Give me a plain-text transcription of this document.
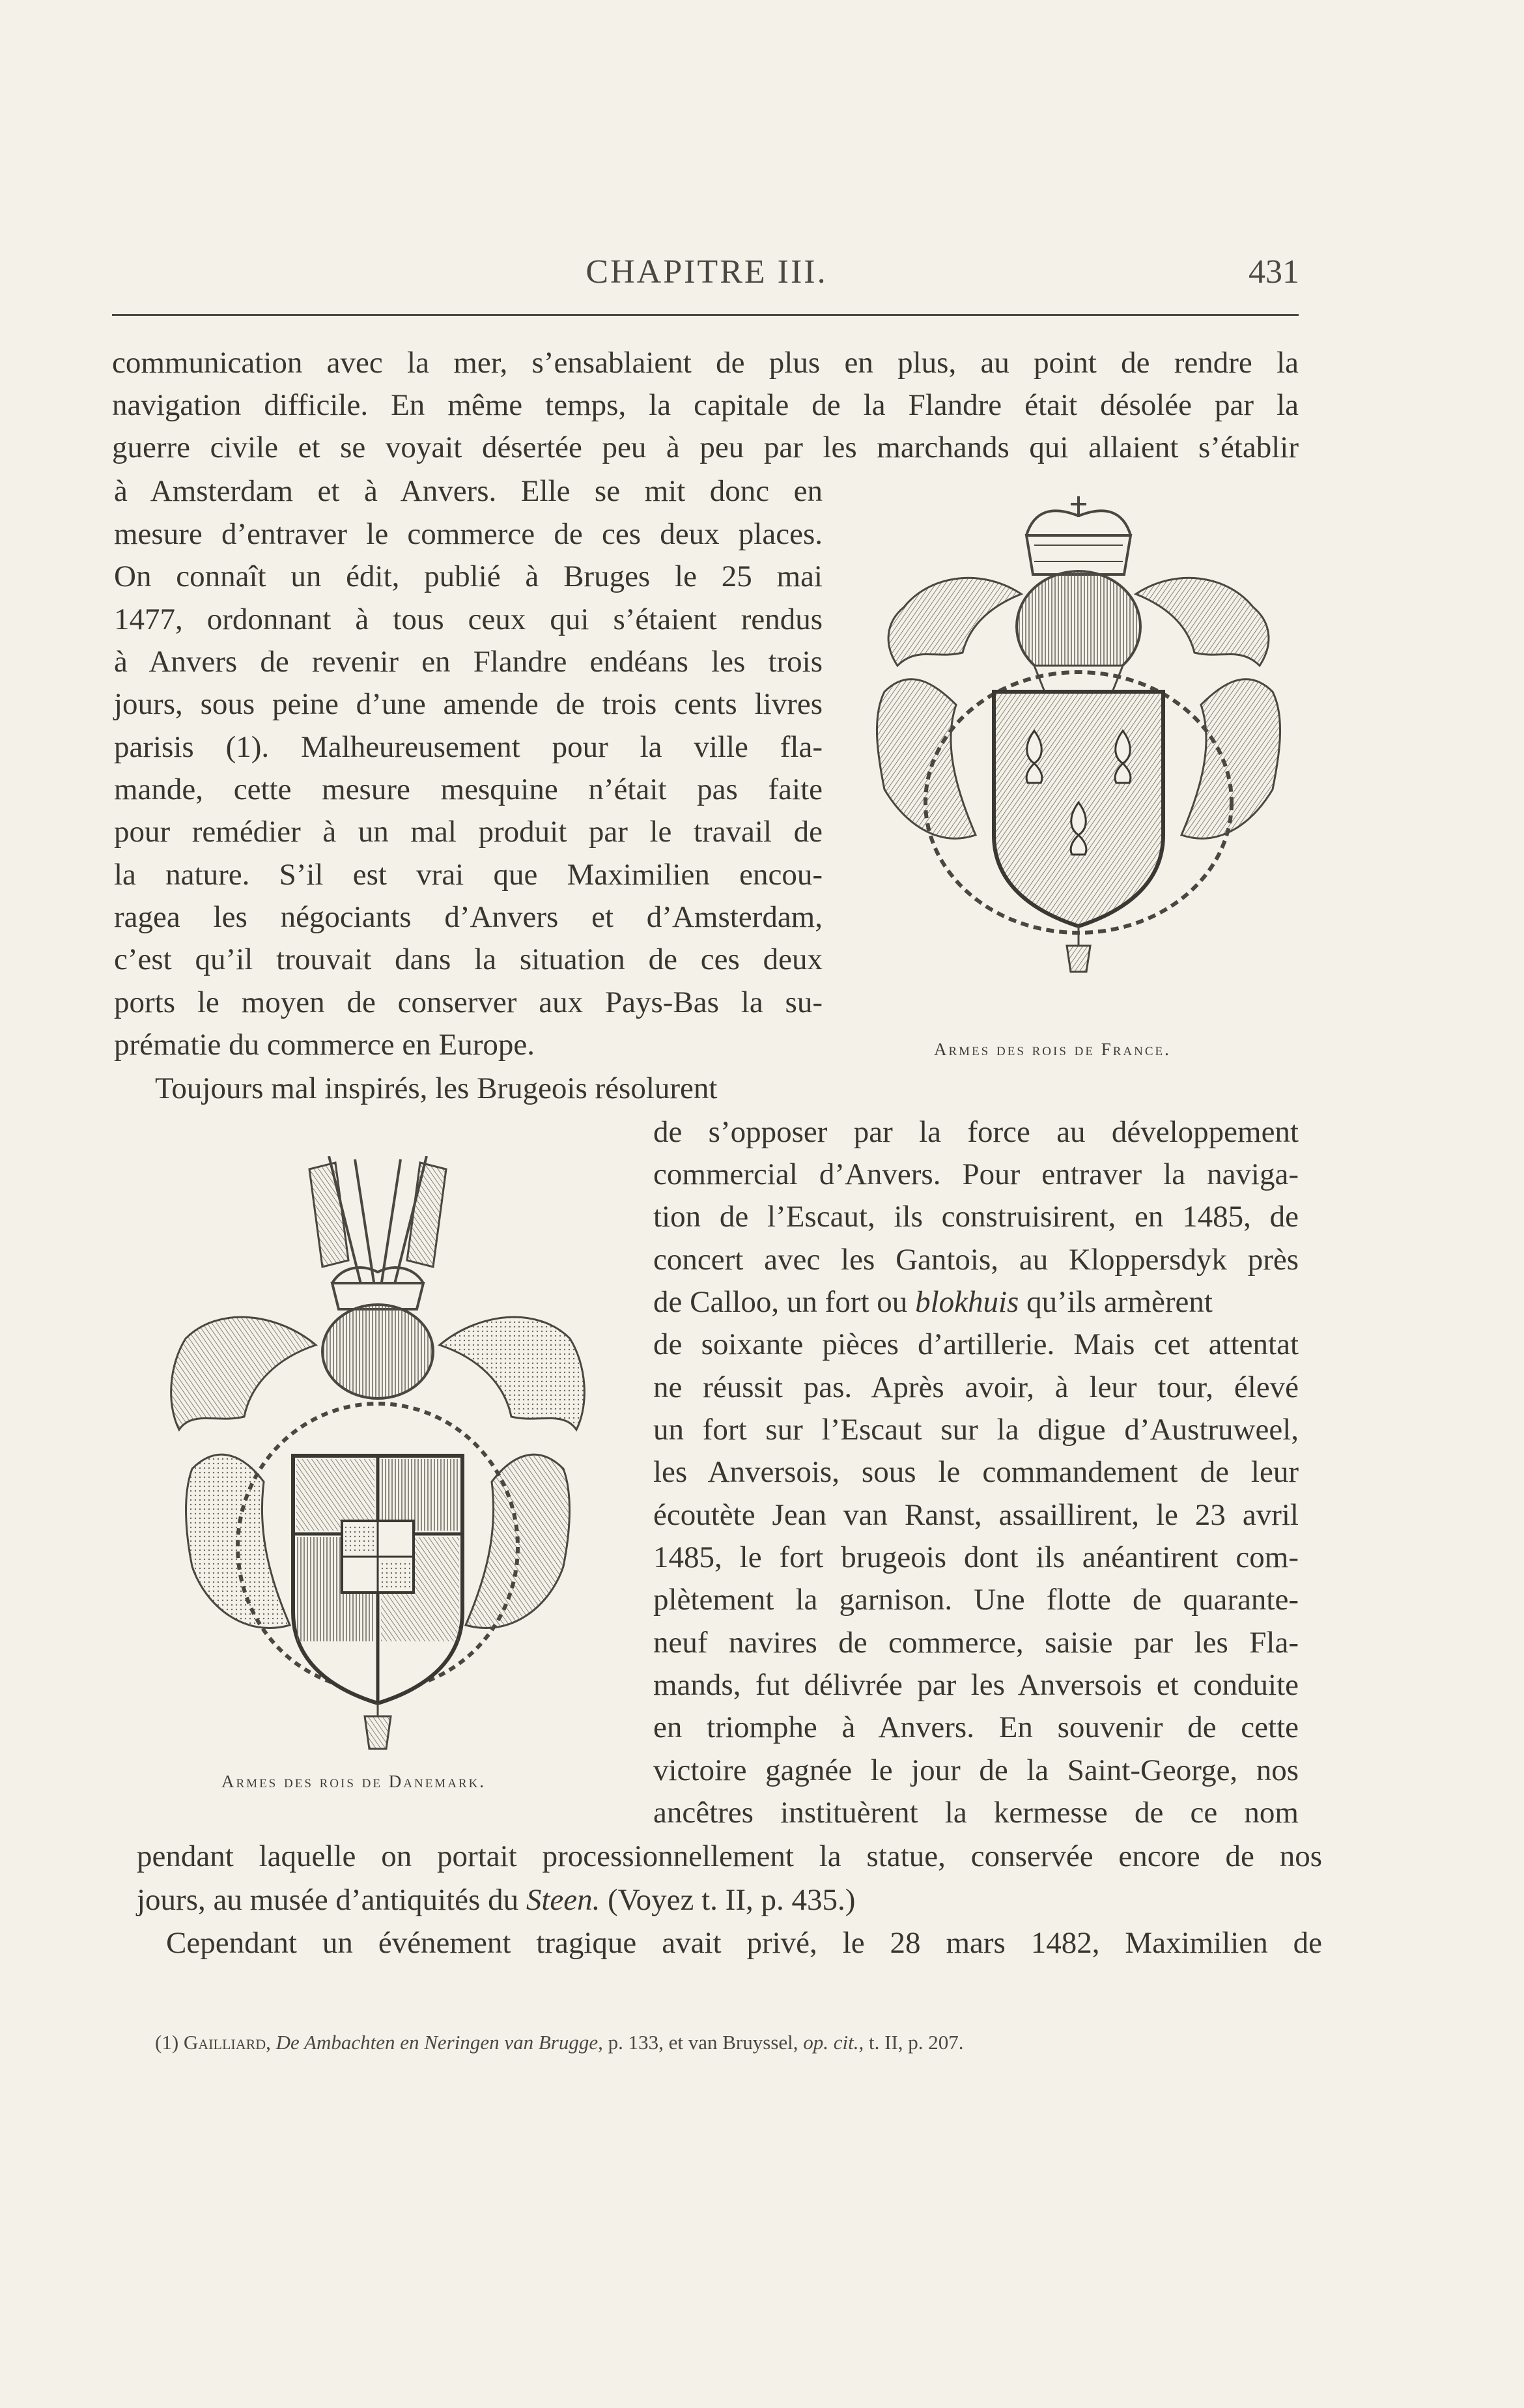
CHAPITRE III.	431
communication avec la mer, s’ensablaient de plus en plus, au point de rendre la
navigation difficile. En même temps, la capitale de la Flandre était désolée par la
guerre civile et se voyait désertée peu à peu par les marchands qui allaient s’établir
à Amsterdam et à Anvers. Elle se mit donc en
mesure d’entraver le commerce de ces deux places.
On connaît un édit, publié à Bruges le 25 mai
1477, ordonnant à tous ceux qui s’étaient rendus
à Anvers de revenir en Flandre endéans les trois
jours, sous peine d’une amende de trois cents livres
parisis (1). Malheureusement pour la ville fla-
mande, cette mesure mesquine n’était pas faite
pour remédier à un mal produit par le travail de
la nature. S’il est vrai que Maximilien encou-
ragea les négociants d’Anvers et d’Amsterdam,
c’est qu’il trouvait dans la situation de ces deux
ports le moyen de conserver aux Pays-Bas la su-
prématie du commerce en Europe.
Toujours mal inspirés, les Brugeois résolurent
Armes des rois de France.
de s’opposer par la force au développement
commercial d’Anvers. Pour entraver la naviga-
tion de l’Escaut, ils construisirent, en 1485, de
concert avec les Gantois, au Kloppersdyk près
de Calloo, un fort ou blokhuis qu’ils armèrent
de soixante pièces d’artillerie. Mais cet attentat
ne réussit pas. Après avoir, à leur tour, élevé
un fort sur l’Escaut sur la digue d’Austruweel,
les Anversois, sous le commandement de leur
écoutète Jean van Ranst, assaillirent, le 23 avril
1485, le fort brugeois dont ils anéantirent com-
plètement la garnison. Une flotte de quarante-
neuf navires de commerce, saisie par les Fla-
mands, fut délivrée par les Anversois et conduite
en triomphe à Anvers. En souvenir de cette
victoire gagnée le jour de la Saint-George, nos
ancêtres instituèrent la kermesse de ce nom
Armes des rois de Danemark.
pendant laquelle on portait processionnellement la statue, conservée encore de nos
jours, au musée d’antiquités du Steen. (Voyez t. II, p. 435.)
Cependant un événement tragique avait privé, le 28 mars 1482, Maximilien de
(1) Gailliard, De Ambachten en Neringen van Brugge, p. 133, et van Bruyssel, op. cit., t. II, p. 207.
